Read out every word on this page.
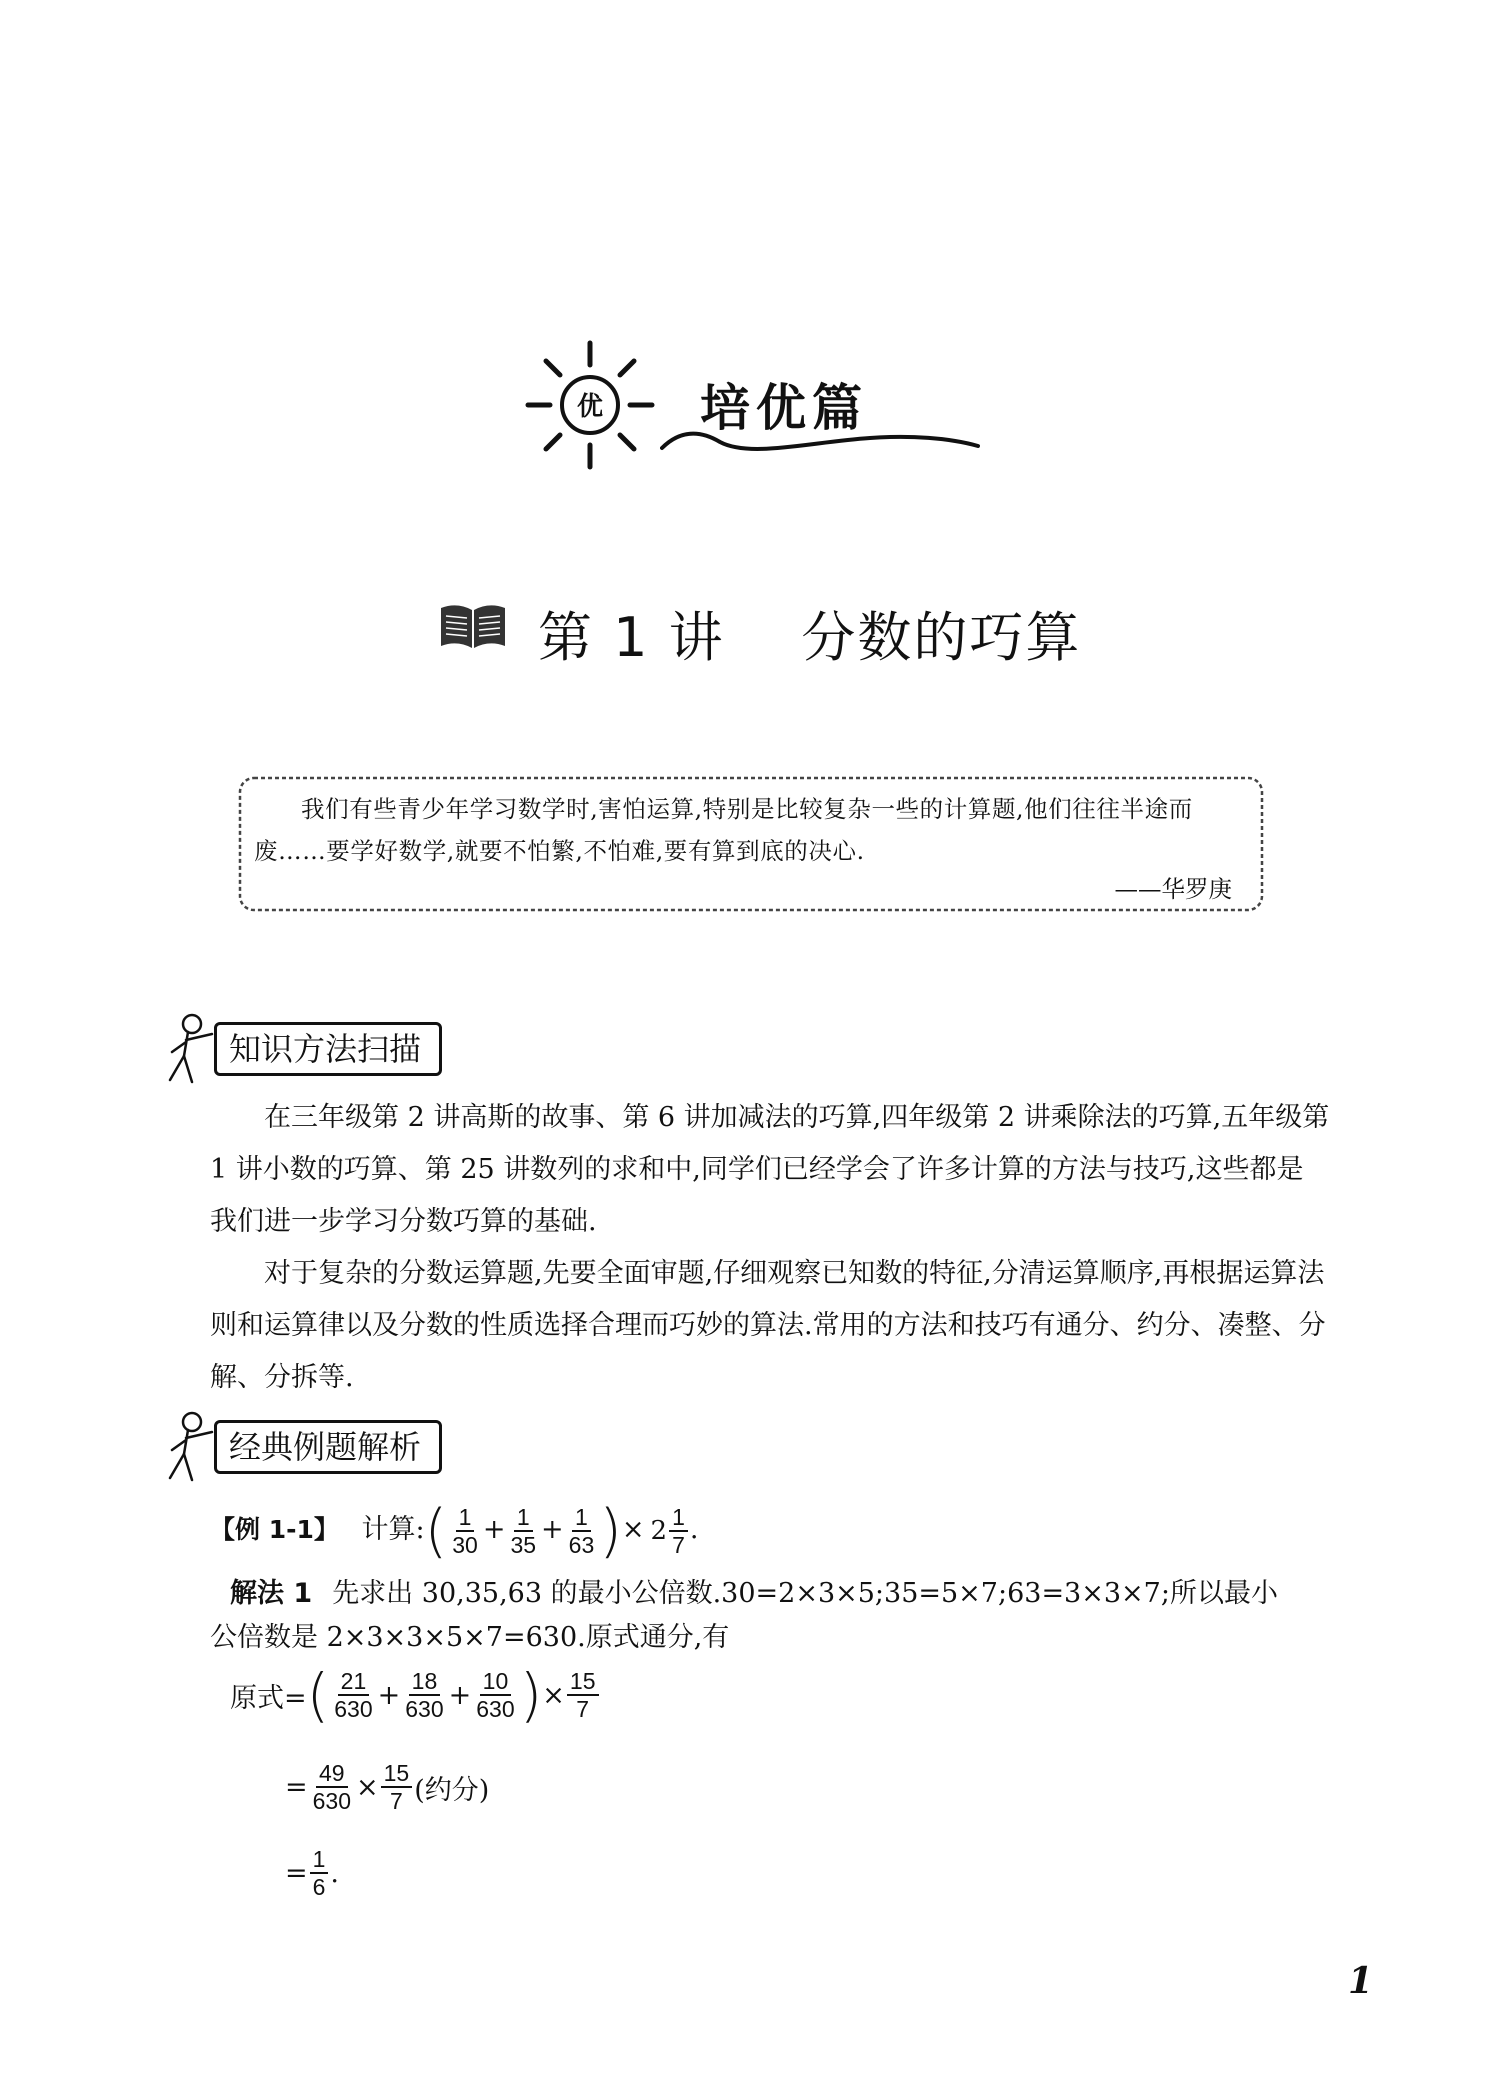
优 培优篇
第 1 讲    分数的巧算
我们有些青少年学习数学时,害怕运算,特别是比较复杂一些的计算题,他们往往半途而废……要学好数学,就要不怕繁,不怕难,要有算到底的决心.
——华罗庚
知识方法扫描
在三年级第 2 讲高斯的故事、第 6 讲加减法的巧算,四年级第 2 讲乘除法的巧算,五年级第 1 讲小数的巧算、第 25 讲数列的求和中,同学们已经学会了许多计算的方法与技巧,这些都是我们进一步学习分数巧算的基础.
对于复杂的分数运算题,先要全面审题,仔细观察已知数的特征,分清运算顺序,再根据运算法则和运算律以及分数的性质选择合理而巧妙的算法.常用的方法和技巧有通分、约分、凑整、分解、分拆等.
经典例题解析
【例 1-1】 计算:( $\frac{1}{30} + \frac{1}{35} + \frac{1}{63}$ )× $2 \frac{1}{7}$ .
解法 1 先求出 30,35,63 的最小公倍数.30=2×3×5;35=5×7;63=3×3×7;所以最小
公倍数是 2×3×3×5×7=630.原式通分,有
原式= ( $\frac{21}{630} + \frac{18}{630} + \frac{10}{630}$ ) × $\frac{15}{7}$
= $\frac{49}{630} \times \frac{15}{7}$ (约分)
= $\frac{1}{6}$ .
1
